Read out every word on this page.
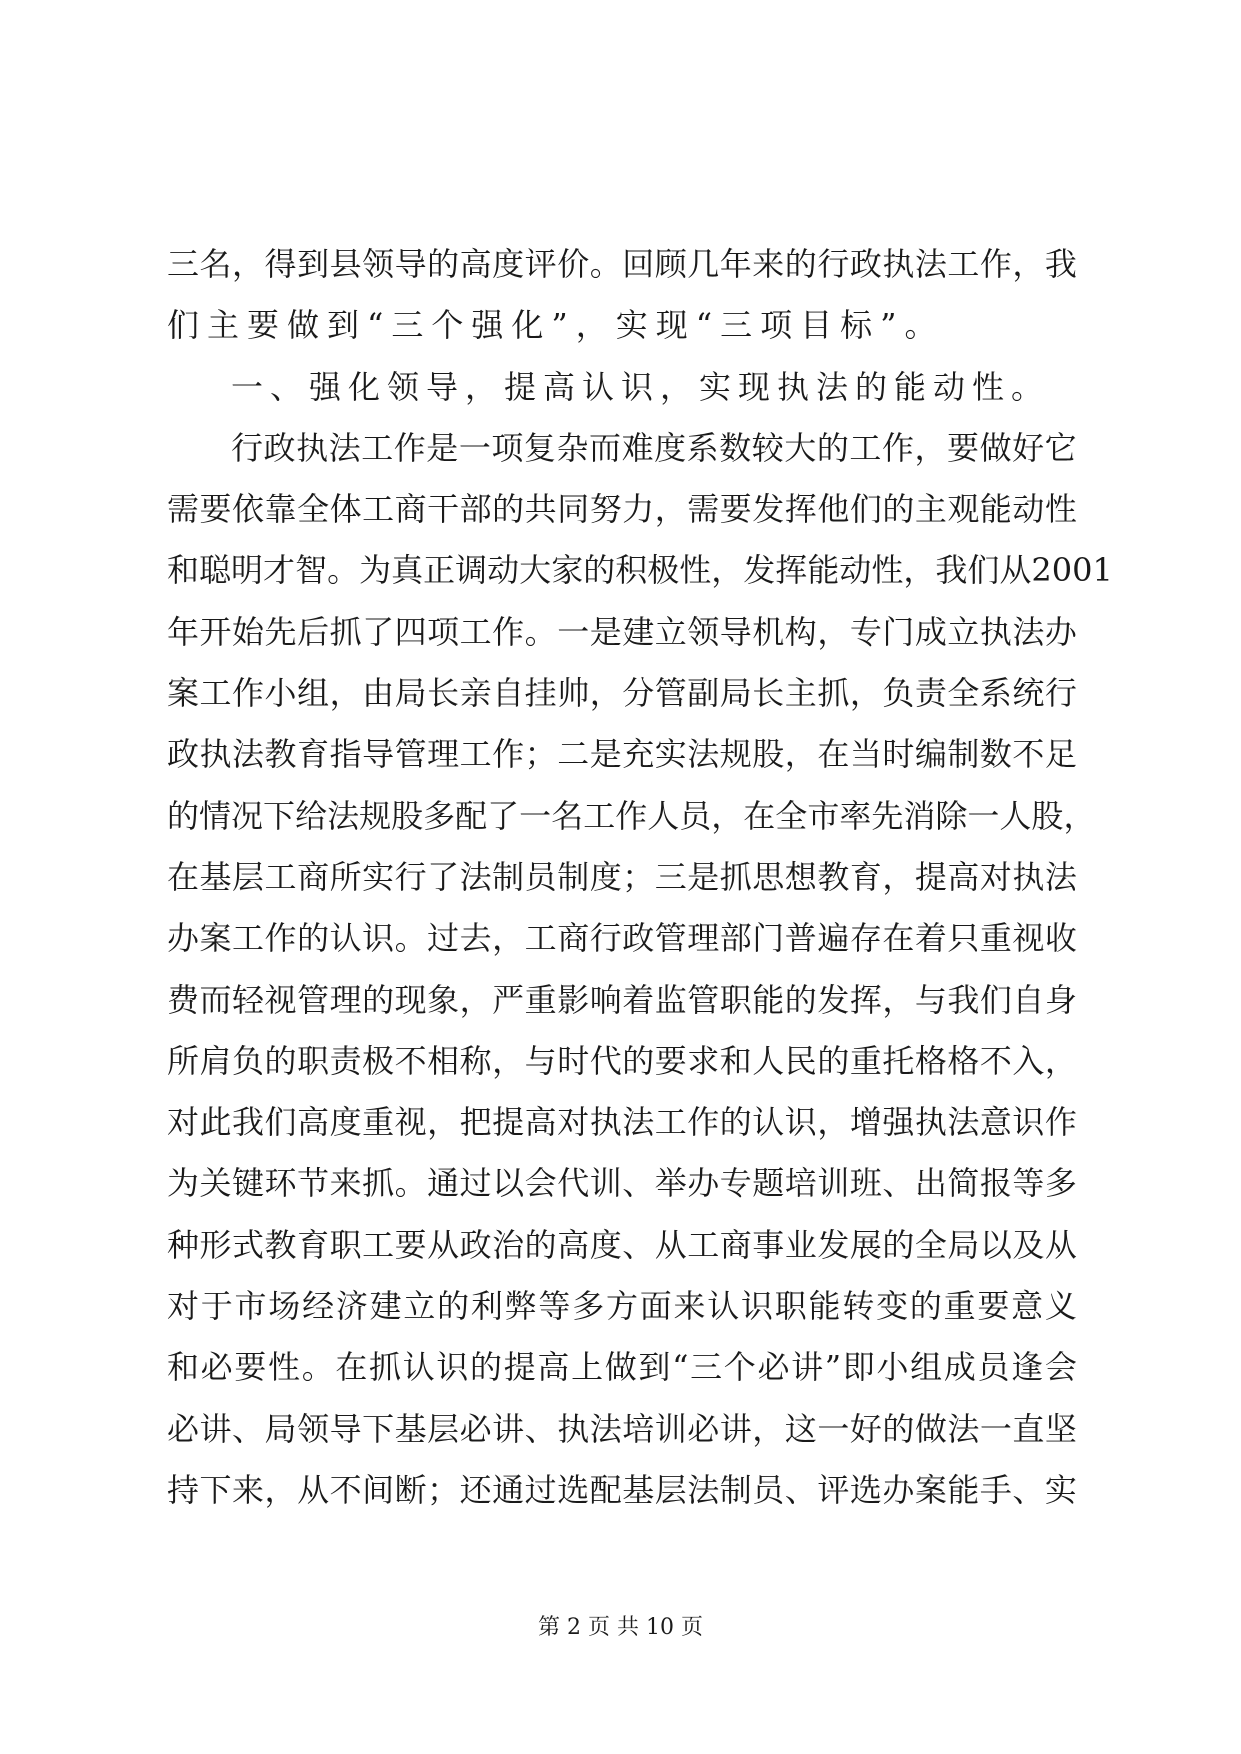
三 名 ， 得 到 县 领 导 的 高 度 评 价 。 回 顾 几 年 来 的 行 政 执 法 工 作 ， 我
们主要做到“三个强化”，实现“三项目标”。
一、强化领导，提高认识，实现执法的能动性。
行 政 执 法 工 作 是 一 项 复 杂 而 难 度 系 数 较 大 的 工 作 ， 要 做 好 它
需 要 依 靠 全 体 工 商 干 部 的 共 同 努 力 ， 需 要 发 挥 他 们 的 主 观 能 动 性
和 聪 明 才 智 。 为 真 正 调 动 大 家 的 积 极 性 ， 发 挥 能 动 性 ， 我 们 从 2001
年 开 始 先 后 抓 了 四 项 工 作 。 一 是 建 立 领 导 机 构 ， 专 门 成 立 执 法 办
案 工 作 小 组 ， 由 局 长 亲 自 挂 帅 ， 分 管 副 局 长 主 抓 ， 负 责 全 系 统 行
政 执 法 教 育 指 导 管 理 工 作 ； 二 是 充 实 法 规 股 ， 在 当 时 编 制 数 不 足
的 情 况 下 给 法 规 股 多 配 了 一 名 工 作 人 员 ， 在 全 市 率 先 消 除 一 人 股 ，
在 基 层 工 商 所 实 行 了 法 制 员 制 度 ； 三 是 抓 思 想 教 育 ， 提 高 对 执 法
办 案 工 作 的 认 识 。 过 去 ， 工 商 行 政 管 理 部 门 普 遍 存 在 着 只 重 视 收
费 而 轻 视 管 理 的 现 象 ， 严 重 影 响 着 监 管 职 能 的 发 挥 ， 与 我 们 自 身
所 肩 负 的 职 责 极 不 相 称 ， 与 时 代 的 要 求 和 人 民 的 重 托 格 格 不 入 ，
对 此 我 们 高 度 重 视 ， 把 提 高 对 执 法 工 作 的 认 识 ， 增 强 执 法 意 识 作
为 关 键 环 节 来 抓 。 通 过 以 会 代 训 、 举 办 专 题 培 训 班 、 出 简 报 等 多
种 形 式 教 育 职 工 要 从 政 治 的 高 度 、 从 工 商 事 业 发 展 的 全 局 以 及 从
对 于 市 场 经 济 建 立 的 利 弊 等 多 方 面 来 认 识 职 能 转 变 的 重 要 意 义
和 必 要 性 。 在 抓 认 识 的 提 高 上 做 到 “ 三 个 必 讲 ” 即 小 组 成 员 逢 会
必 讲 、 局 领 导 下 基 层 必 讲 、 执 法 培 训 必 讲 ， 这 一 好 的 做 法 一 直 坚
持 下 来 ， 从 不 间 断 ； 还 通 过 选 配 基 层 法 制 员 、 评 选 办 案 能 手 、 实
第 2 页 共 10 页
